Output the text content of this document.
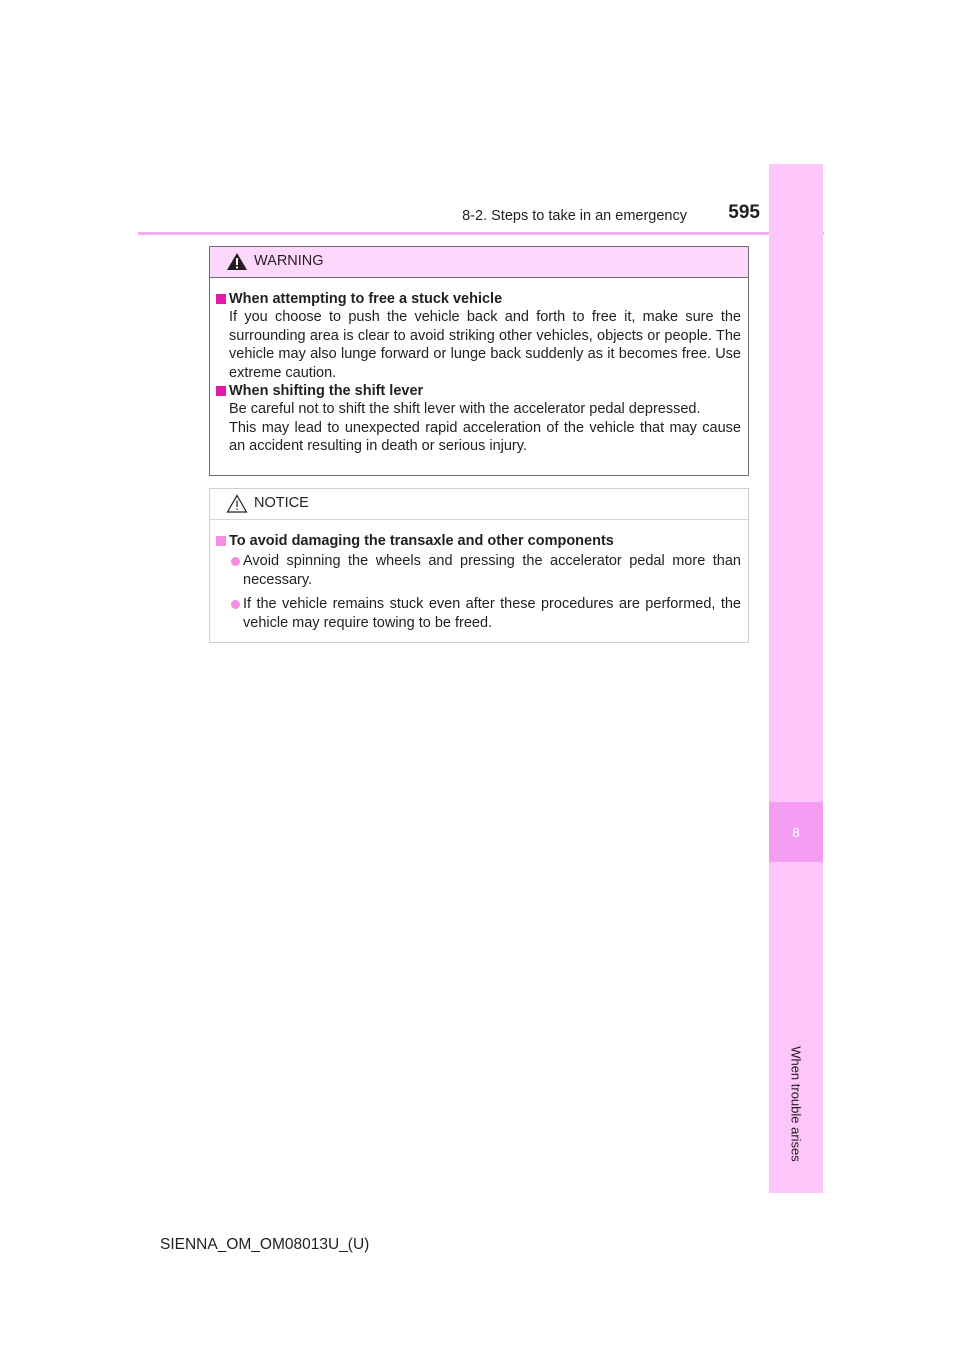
8-2. Steps to take in an emergency	595
8
When trouble arises
WARNING
When attempting to free a stuck vehicle
If you choose to push the vehicle back and forth to free it, make sure the surrounding area is clear to avoid striking other vehicles, objects or people. The vehicle may also lunge forward or lunge back suddenly as it becomes free. Use extreme caution.
When shifting the shift lever
Be careful not to shift the shift lever with the accelerator pedal depressed.
This may lead to unexpected rapid acceleration of the vehicle that may cause an accident resulting in death or serious injury.
NOTICE
To avoid damaging the transaxle and other components
Avoid spinning the wheels and pressing the accelerator pedal more than necessary.
If the vehicle remains stuck even after these procedures are performed, the vehicle may require towing to be freed.
SIENNA_OM_OM08013U_(U)
